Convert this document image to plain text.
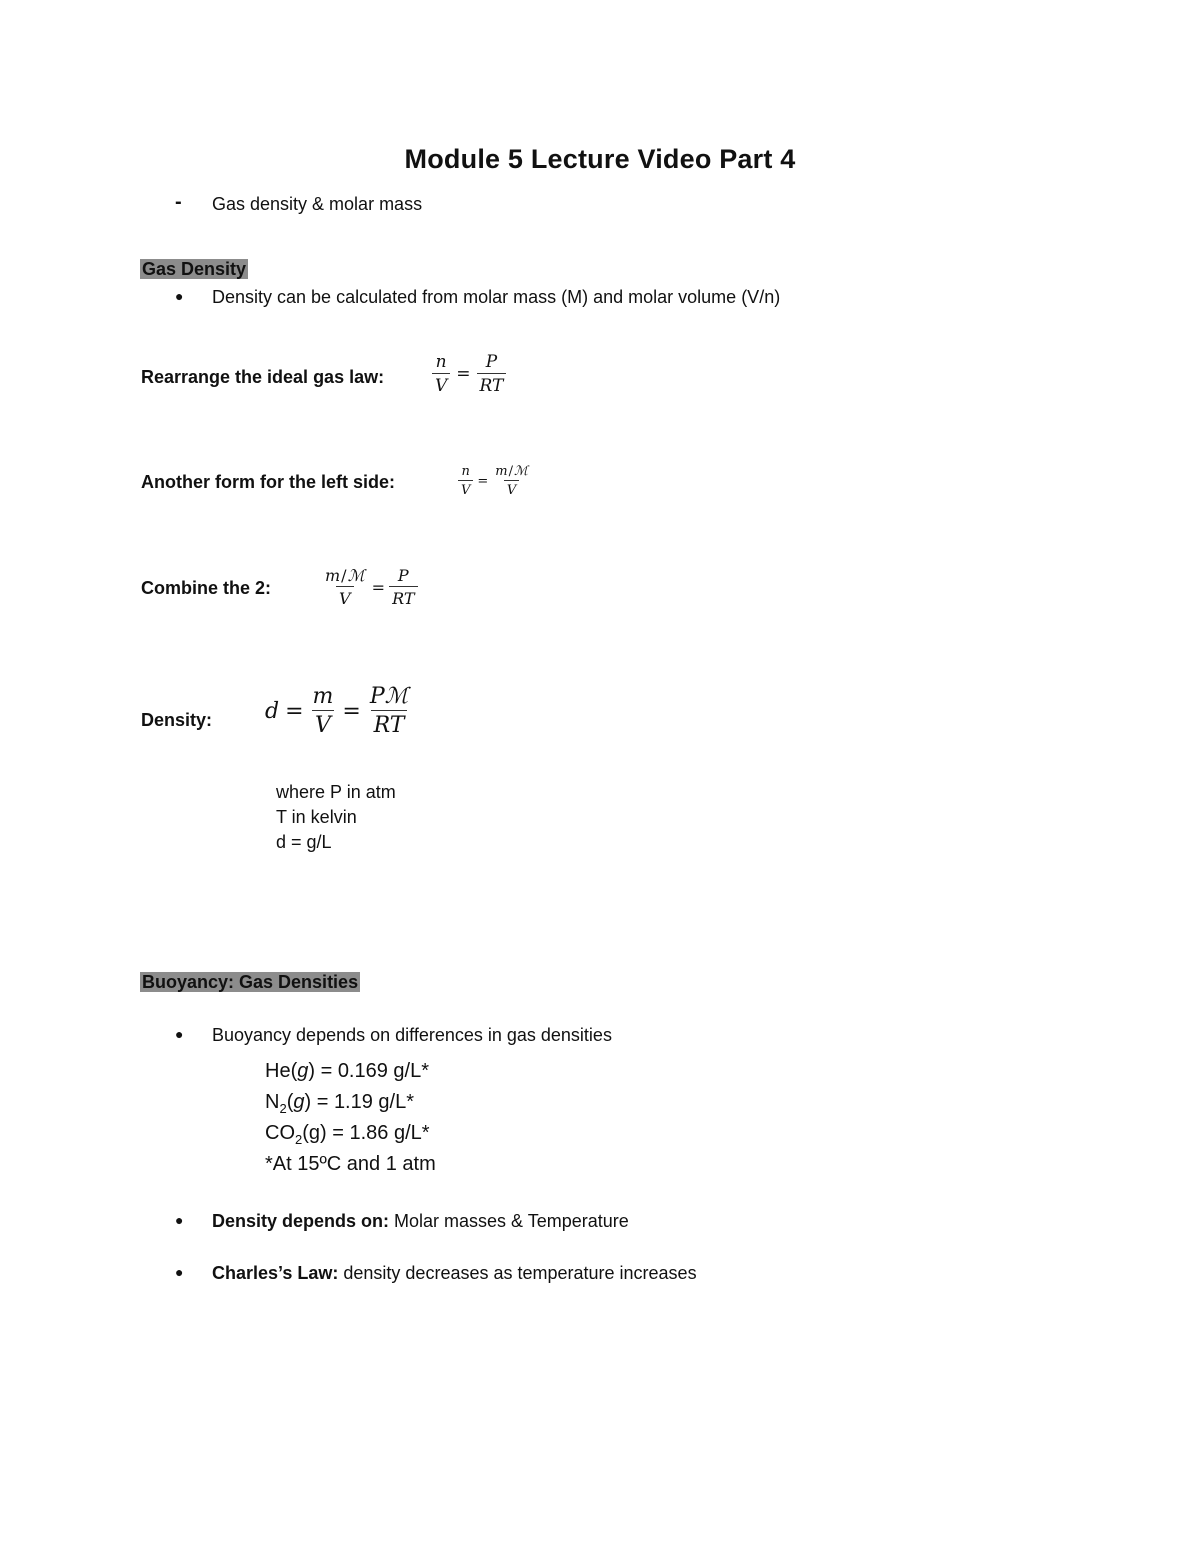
Module 5 Lecture Video Part 4
- Gas density & molar mass
Gas Density
● Density can be calculated from molar mass (M) and molar volume (V/n)
Rearrange the ideal gas law:	$\frac{n}{V} = \frac{P}{RT}$
Another form for the left side:	$\frac{n}{V} = \frac{\text{m / ℳ}}{V}$
Combine the 2:	$\frac{\text{m / ℳ}}{V} = \frac{P}{RT}$
Density: $d = \frac{m}{V} = \frac{\text{Pℳ}}{RT}$
where P in atm
T in kelvin
d = g/L
Buoyancy: Gas Densities
● Buoyancy depends on differences in gas densities
He(g) = 0.169 g/L*
$N_2(g) = 1.19$ g/L*
$CO_2(g) = 1.86$ g/L*
*At 15ºC and 1 atm
● Density depends on: Molar masses & Temperature
● Charles’s Law: density decreases as temperature increases
